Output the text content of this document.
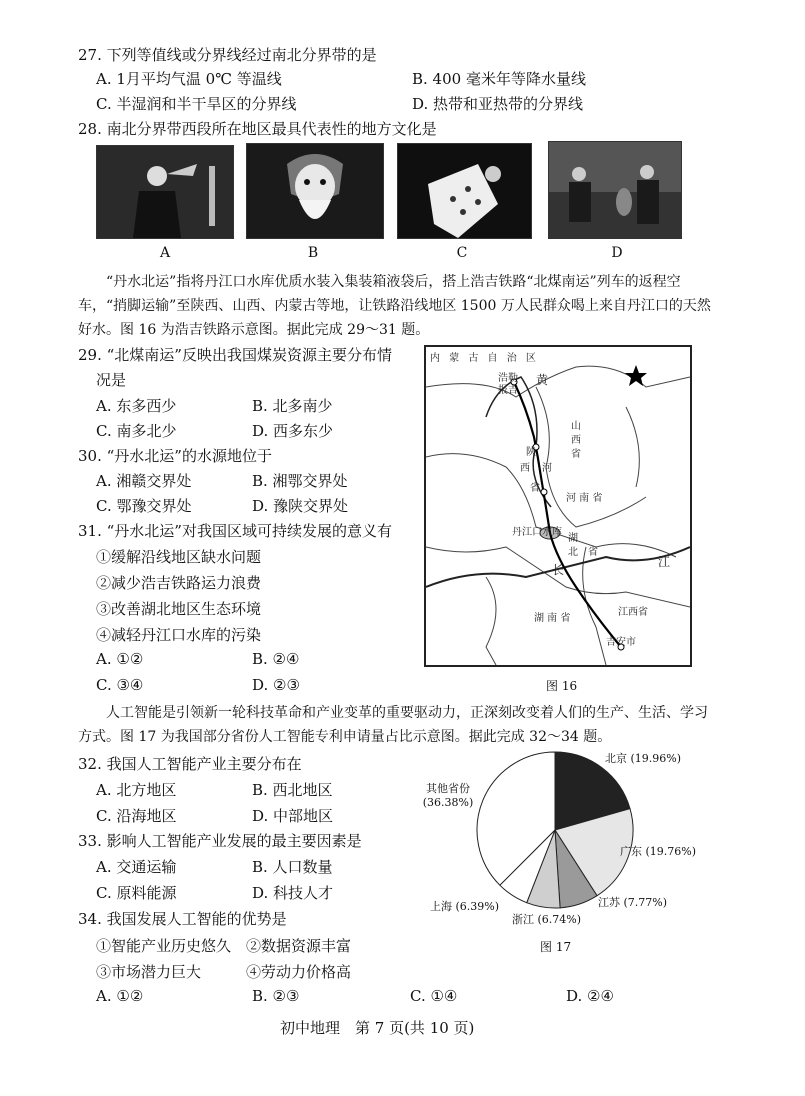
27. 下列等值线或分界线经过南北分界带的是
A. 1月平均气温 0℃ 等温线	B. 400 毫米年等降水量线
C. 半湿润和半干旱区的分界线	D. 热带和亚热带的分界线
28. 南北分界带西段所在地区最具代表性的地方文化是
A	B	C	D
“丹水北运”指将丹江口水库优质水装入集装箱液袋后，搭上浩吉铁路“北煤南运”列车的返程空车，“捎脚运输”至陕西、山西、内蒙古等地，让铁路沿线地区 1500 万人民群众喝上来自丹江口的天然好水。图 16 为浩吉铁路示意图。据此完成 29～31 题。
29. “北煤南运”反映出我国煤炭资源主要分布情
况是
A. 东多西少	B. 北多南少
C. 南多北少	D. 西多东少
30. “丹水北运”的水源地位于
A. 湘赣交界处	B. 湘鄂交界处
C. 鄂豫交界处	D. 豫陕交界处
31. “丹水北运”对我国区域可持续发展的意义有
①缓解沿线地区缺水问题
②减少浩吉铁路运力浪费
③改善湖北地区生态环境
④减轻丹江口水库的污染
A. ①②	B. ②④
C. ③④	D. ②③
内 蒙 古 自 治 区
浩勒
报吉
黄
山
西
省
陕
西
省
河
河 南 省
丹江口水库
湖
北 省
长
江
湖 南 省
江西省
吉安市
图 16
人工智能是引领新一轮科技革命和产业变革的重要驱动力，正深刻改变着人们的生产、生活、学习方式。图 17 为我国部分省份人工智能专利申请量占比示意图。据此完成 32～34 题。
32. 我国人工智能产业主要分布在
A. 北方地区	B. 西北地区
C. 沿海地区	D. 中部地区
33. 影响人工智能产业发展的最主要因素是
A. 交通运输	B. 人口数量
C. 原料能源	D. 科技人才
34. 我国发展人工智能的优势是
①智能产业历史悠久　②数据资源丰富
③市场潜力巨大　　　④劳动力价格高
A. ①②	B. ②③	C. ①④	D. ②④
北京 (19.96%)
广东 (19.76%)
江苏 (7.77%)
浙江 (6.74%)
上海 (6.39%)
其他省份 (36.38%)
图 17
初中地理　第 7 页(共 10 页)
